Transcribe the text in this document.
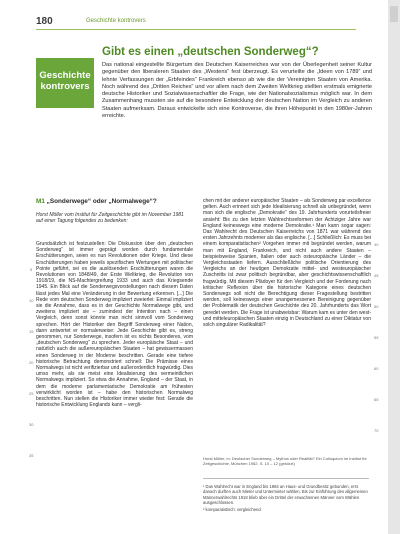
180	Geschichte kontrovers
Geschichte
kontrovers
Gibt es einen „deutschen Sonderweg“?
Das national eingestellte Bürgertum des Deutschen Kaiserreiches war von der Überlegenheit seiner Kultur gegenüber den liberaleren Staaten des „Westens“ fest überzeugt. Es verurteilte die „Ideen von 1789“ und lehnte Verfassungen der „Erbfeindes“ Frankreich ebenso ab wie die der Vereinigten Staaten von Amerika. Noch während des „Dritten Reiches“ und vor allem nach dem Zweiten Weltkrieg stellten erstmals emigrierte deutsche Historiker und Sozialwissenschaftler die Frage, wie der Nationalsozialismus möglich war. In dem Zusammenhang mussten sie auf die besondere Entwicklung der deutschen Nation im Vergleich zu anderen Staaten aufmerksam. Daraus entwickelte sich eine Kontroverse, die ihren Höhepunkt in den 1980er-Jahren erreichte.
M1 „Sonderwege“ oder „Normalwege“?
Horst Möller vom Institut für Zeitgeschichte gibt im November 1981 auf einer Tagung folgendes zu bedenken:
Grundsätzlich ist festzustellen: Die Diskussion über den „deutschen Sonderweg“ ist immer geprägt worden durch fundamentale Erschütterungen, seien es nun Revolutionen oder Kriege. Und diese Erschütterungen haben jeweils spezifischen Wertungen mit politischer Pointe geführt, sei es die auslösenden Erschütterungen waren die Revolutionen von 1848/49, der Erste Weltkrieg, die Revolution von 1918/19, die NS-Machtergreifung 1933 und auch das Kriegsende 1945. Ein Blick auf die Sonderwegsvorstellungen nach diesem Daten lässt jedes Mal eine Veränderung in der Bewertung erkennen. [...] Die Rede vom deutschen Sonderweg impliziert zweierlei: Einmal impliziert sie die Annahme, dass es in der Geschichte Normalwege gibt, und zweitens impliziert sie – zumindest der Intention nach – einen Vergleich, denn sonst könnte man nicht sinnvoll vom Sonderweg sprechen. Hört der Historiker den Begriff Sonderweg einer Nation, dann antwortet er normalerweise: Jede Geschichte gibt es, streng genommen, nur Sonderwege, insofern ist es nichts Besonderes, vom „deutschen Sonderweg“ zu sprechen. Jeder europäische Staat – und natürlich auch die außereuropäischen Staaten – hat gewissermassen einen Sonderweg in der Moderne beschritten. Gerade eine tiefere historische Betrachtung demonstriert schnell: Die Prämisse eines Normalwegs ist nicht verifizierbar und außerordentlich fragwürdig. Dies umso mehr, als sie meist eine Idealisierung des vermeintlichen Normalwegs impliziert. So etwa die Annahme, England – der Staat, in dem die moderne parlamentarische Demokratie am frühesten verwirklicht worden ist – habe den historischen Normalweg beschritten. Nun stellen die Historiker immer wieder fest: Gerade die historische Entwicklung Englands kann – vergli-
chen mit der anderer europäischer Staaten – als Sonderweg par excellence gelten. Auch erinnert sich jede Idealisierung schnell als unbegründet, wenn man sich die englische „Demokratie“ des 19. Jahrhunderts vorurteilsfreier ansieht: Bis zu den letzten Wahlrechtsreformen der Achtziger Jahre war England keineswegs eine moderne Demokratie.¹ Man kann sogar sagen: Das Wahlrecht des Deutschen Kaiserreichs von 1871 war während des ersten Jahrzehnts moderner als das englische. [...] Schließlich: Es muss bei einem komparatistischen² Vorgehen immer mit begründet werden, warum man mit England, Frankreich, und nicht auch andere Staaten – beispielsweise Spanien, Italien oder auch osteuropäische Länder – die Vergleichsstaaten liefern. Ausschließliche politische Orientierung des Vergleichs an der heutigen Demokratie mittel- und westeuropäischer Zuschnitts ist zwar politisch begründbar, aber geschichtswissenschaftlich fragwürdig. Mit diesem Plädoyer für den Vergleich und der Forderung nach kritischer Reflexion über die historische Kategorie eines deutschen Sonderwegs soll nicht die Berechtigung dieser Fragestellung bestritten werden, soll keineswegs einer unangemessenen Bereinigung gegenüber der Problematik der deutschen Geschichte des 20. Jahrhunderts das Wort geredet werden. Die Frage ist unabweisbar: Warum kam es unter den west- und mitteleuropäischen Staaten einzig in Deutschland zu einer Diktatur von solch singulärer Radikalität?
5
10
15
20
25
30
35
40
45
50
55
60
65
70
Horst Möller, in: Deutscher Sonderweg – Mythos oder Realität? Ein Colloquium im Institut für Zeitgeschichte, München 1982, S. 10 – 12 (gekürzt)
¹ Das Wahlrecht war in England bis 1884 an Haus- und Grundbesitz gebunden, erst danach durften auch Mieter und Untermieter wählen. Bis zur Einführung des allgemeinen Männerwahlrechts 1918 blieb über ein Drittel der erwachsenen Männer vom Wählen ausgeschlossen.
² komparatistisch: vergleichend
